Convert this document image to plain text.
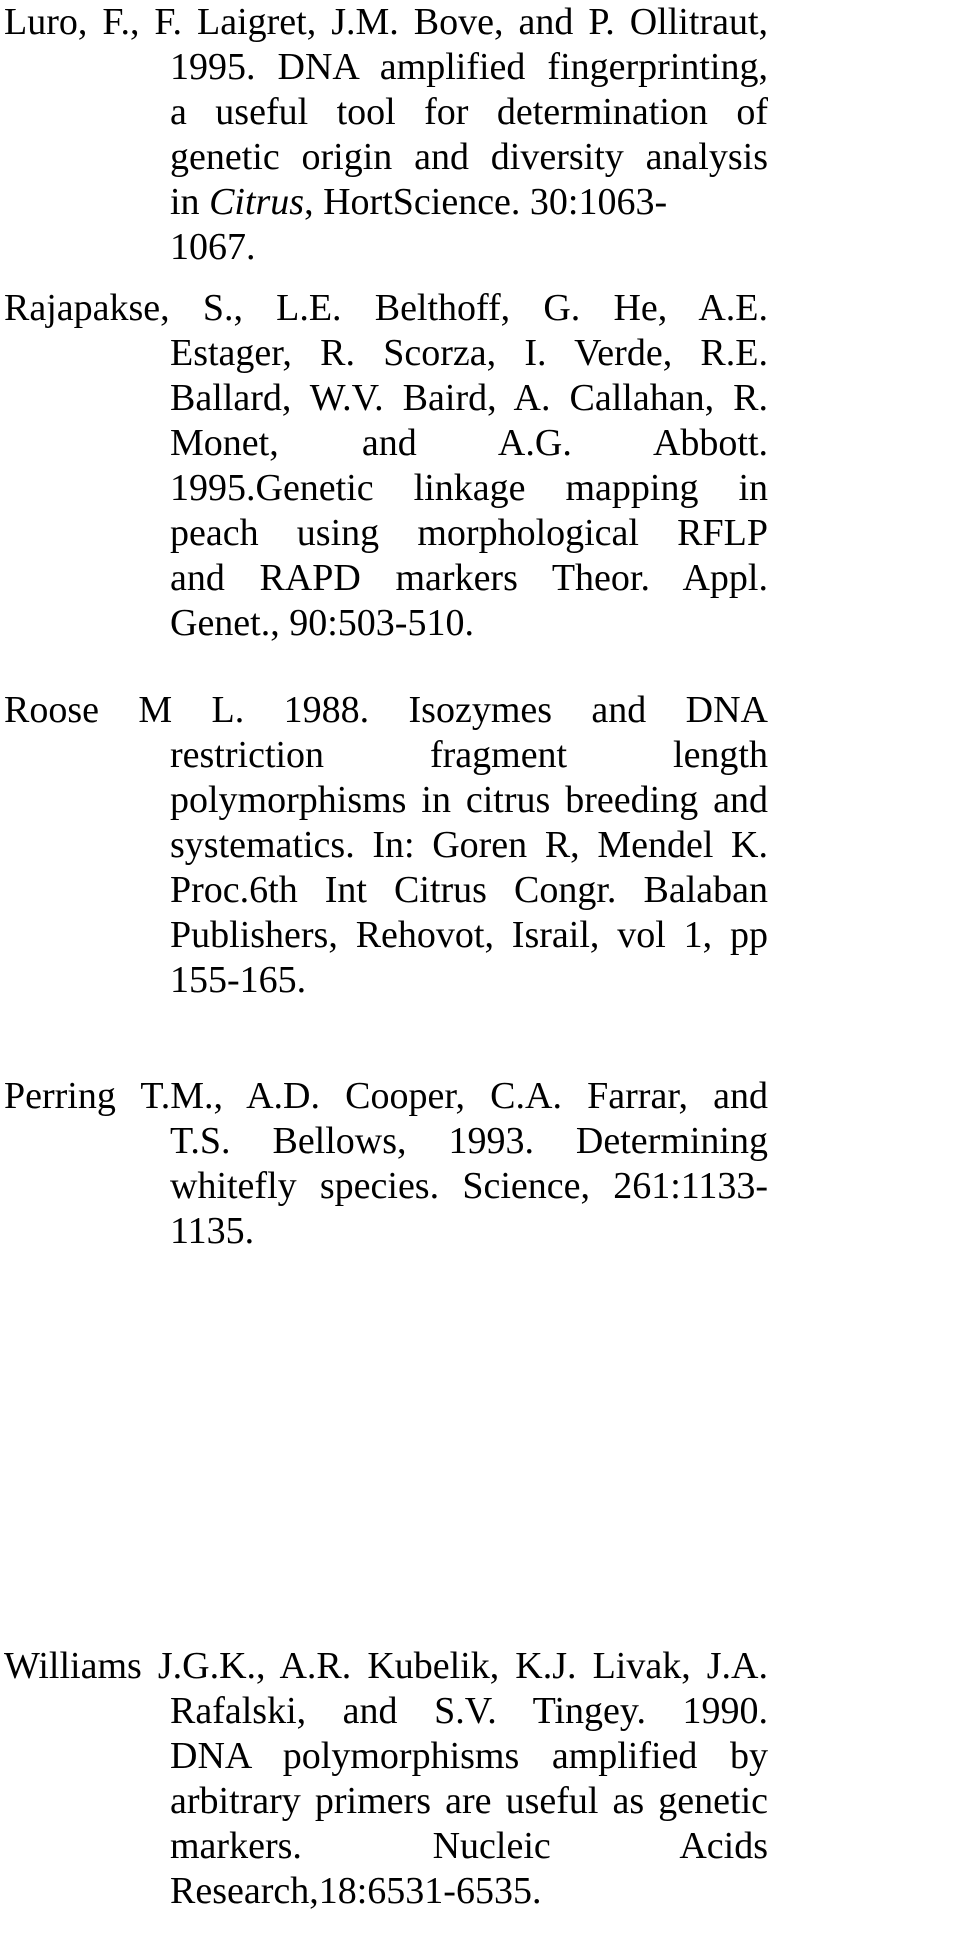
Luro, F., F. Laigret, J.M. Bove, and P. Ollitraut,
1995. DNA amplified fingerprinting,
a useful tool for determination of
genetic origin and diversity analysis
in Citrus, HortScience. 30:1063-
1067.
Rajapakse, S., L.E. Belthoff, G. He, A.E.
Estager, R. Scorza, I. Verde, R.E.
Ballard, W.V. Baird, A. Callahan, R.
Monet, and A.G. Abbott.
1995.Genetic linkage mapping in
peach using morphological RFLP
and RAPD markers Theor. Appl.
Genet., 90:503-510.
Roose M L. 1988. Isozymes and DNA
restriction fragment length
polymorphisms in citrus breeding and
systematics. In: Goren R, Mendel K.
Proc.6th Int Citrus Congr. Balaban
Publishers, Rehovot, Israil, vol 1, pp
155-165.
Perring T.M., A.D. Cooper, C.A. Farrar, and
T.S. Bellows, 1993. Determining
whitefly species. Science, 261:1133-
1135.
Williams J.G.K., A.R. Kubelik, K.J. Livak, J.A.
Rafalski, and S.V. Tingey. 1990.
DNA polymorphisms amplified by
arbitrary primers are useful as genetic
markers. Nucleic Acids
Research,18:6531-6535.
